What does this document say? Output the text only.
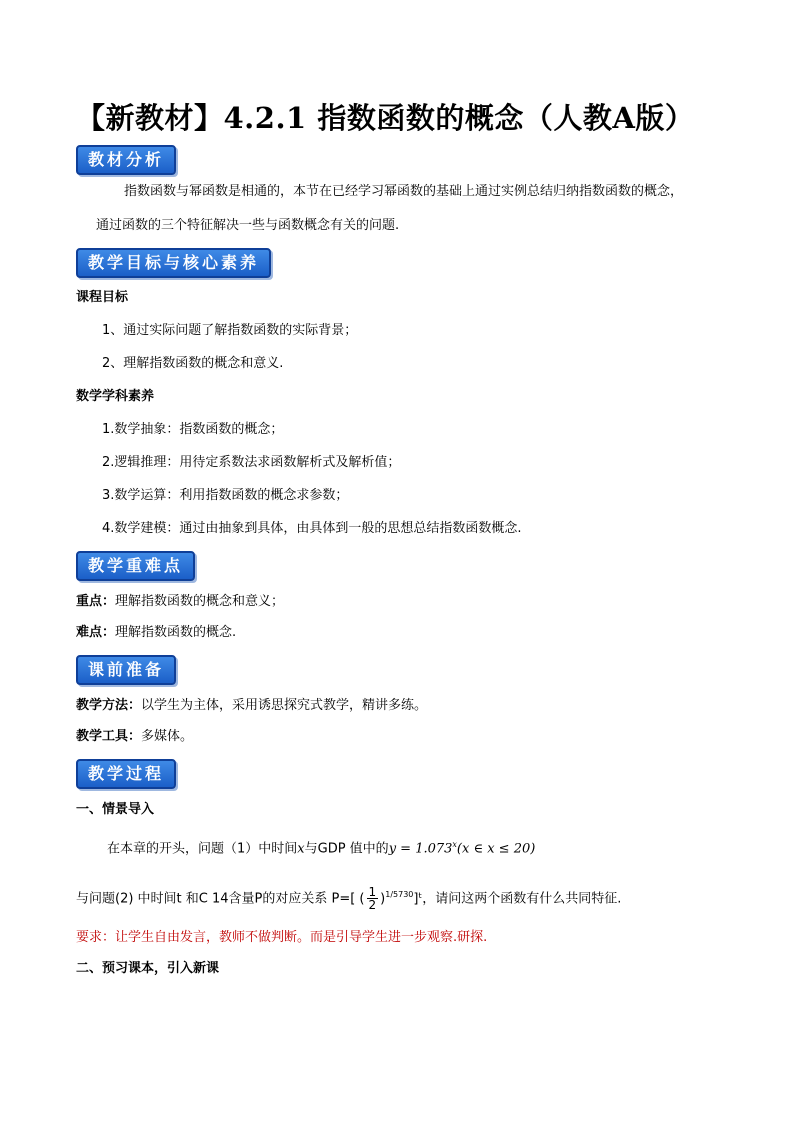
【新教材】4.2.1 指数函数的概念（人教A版）
教材分析
指数函数与幂函数是相通的，本节在已经学习幂函数的基础上通过实例总结归纳指数函数的概念，
通过函数的三个特征解决一些与函数概念有关的问题.
教学目标与核心素养
课程目标
1、通过实际问题了解指数函数的实际背景；
2、理解指数函数的概念和意义.
数学学科素养
1.数学抽象：指数函数的概念；
2.逻辑推理：用待定系数法求函数解析式及解析值；
3.数学运算：利用指数函数的概念求参数；
4.数学建模：通过由抽象到具体，由具体到一般的思想总结指数函数概念.
教学重难点
重点：理解指数函数的概念和意义；
难点：理解指数函数的概念.
课前准备
教学方法：以学生为主体，采用诱思探究式教学，精讲多练。
教学工具：多媒体。
教学过程
一、情景导入
在本章的开头，问题（1）中时间x与GDP 值中的$y = 1.073^x(x$ ∈ x ≤ 20)
与问题(2) 中时间t 和C 14含量P的对应关系 P=[ ( $\frac{1}{2}$ )$^{1/5730}$]ᵗ，请问这两个函数有什么共同特征.
要求：让学生自由发言，教师不做判断。而是引导学生进一步观察.研探.
二、预习课本，引入新课
